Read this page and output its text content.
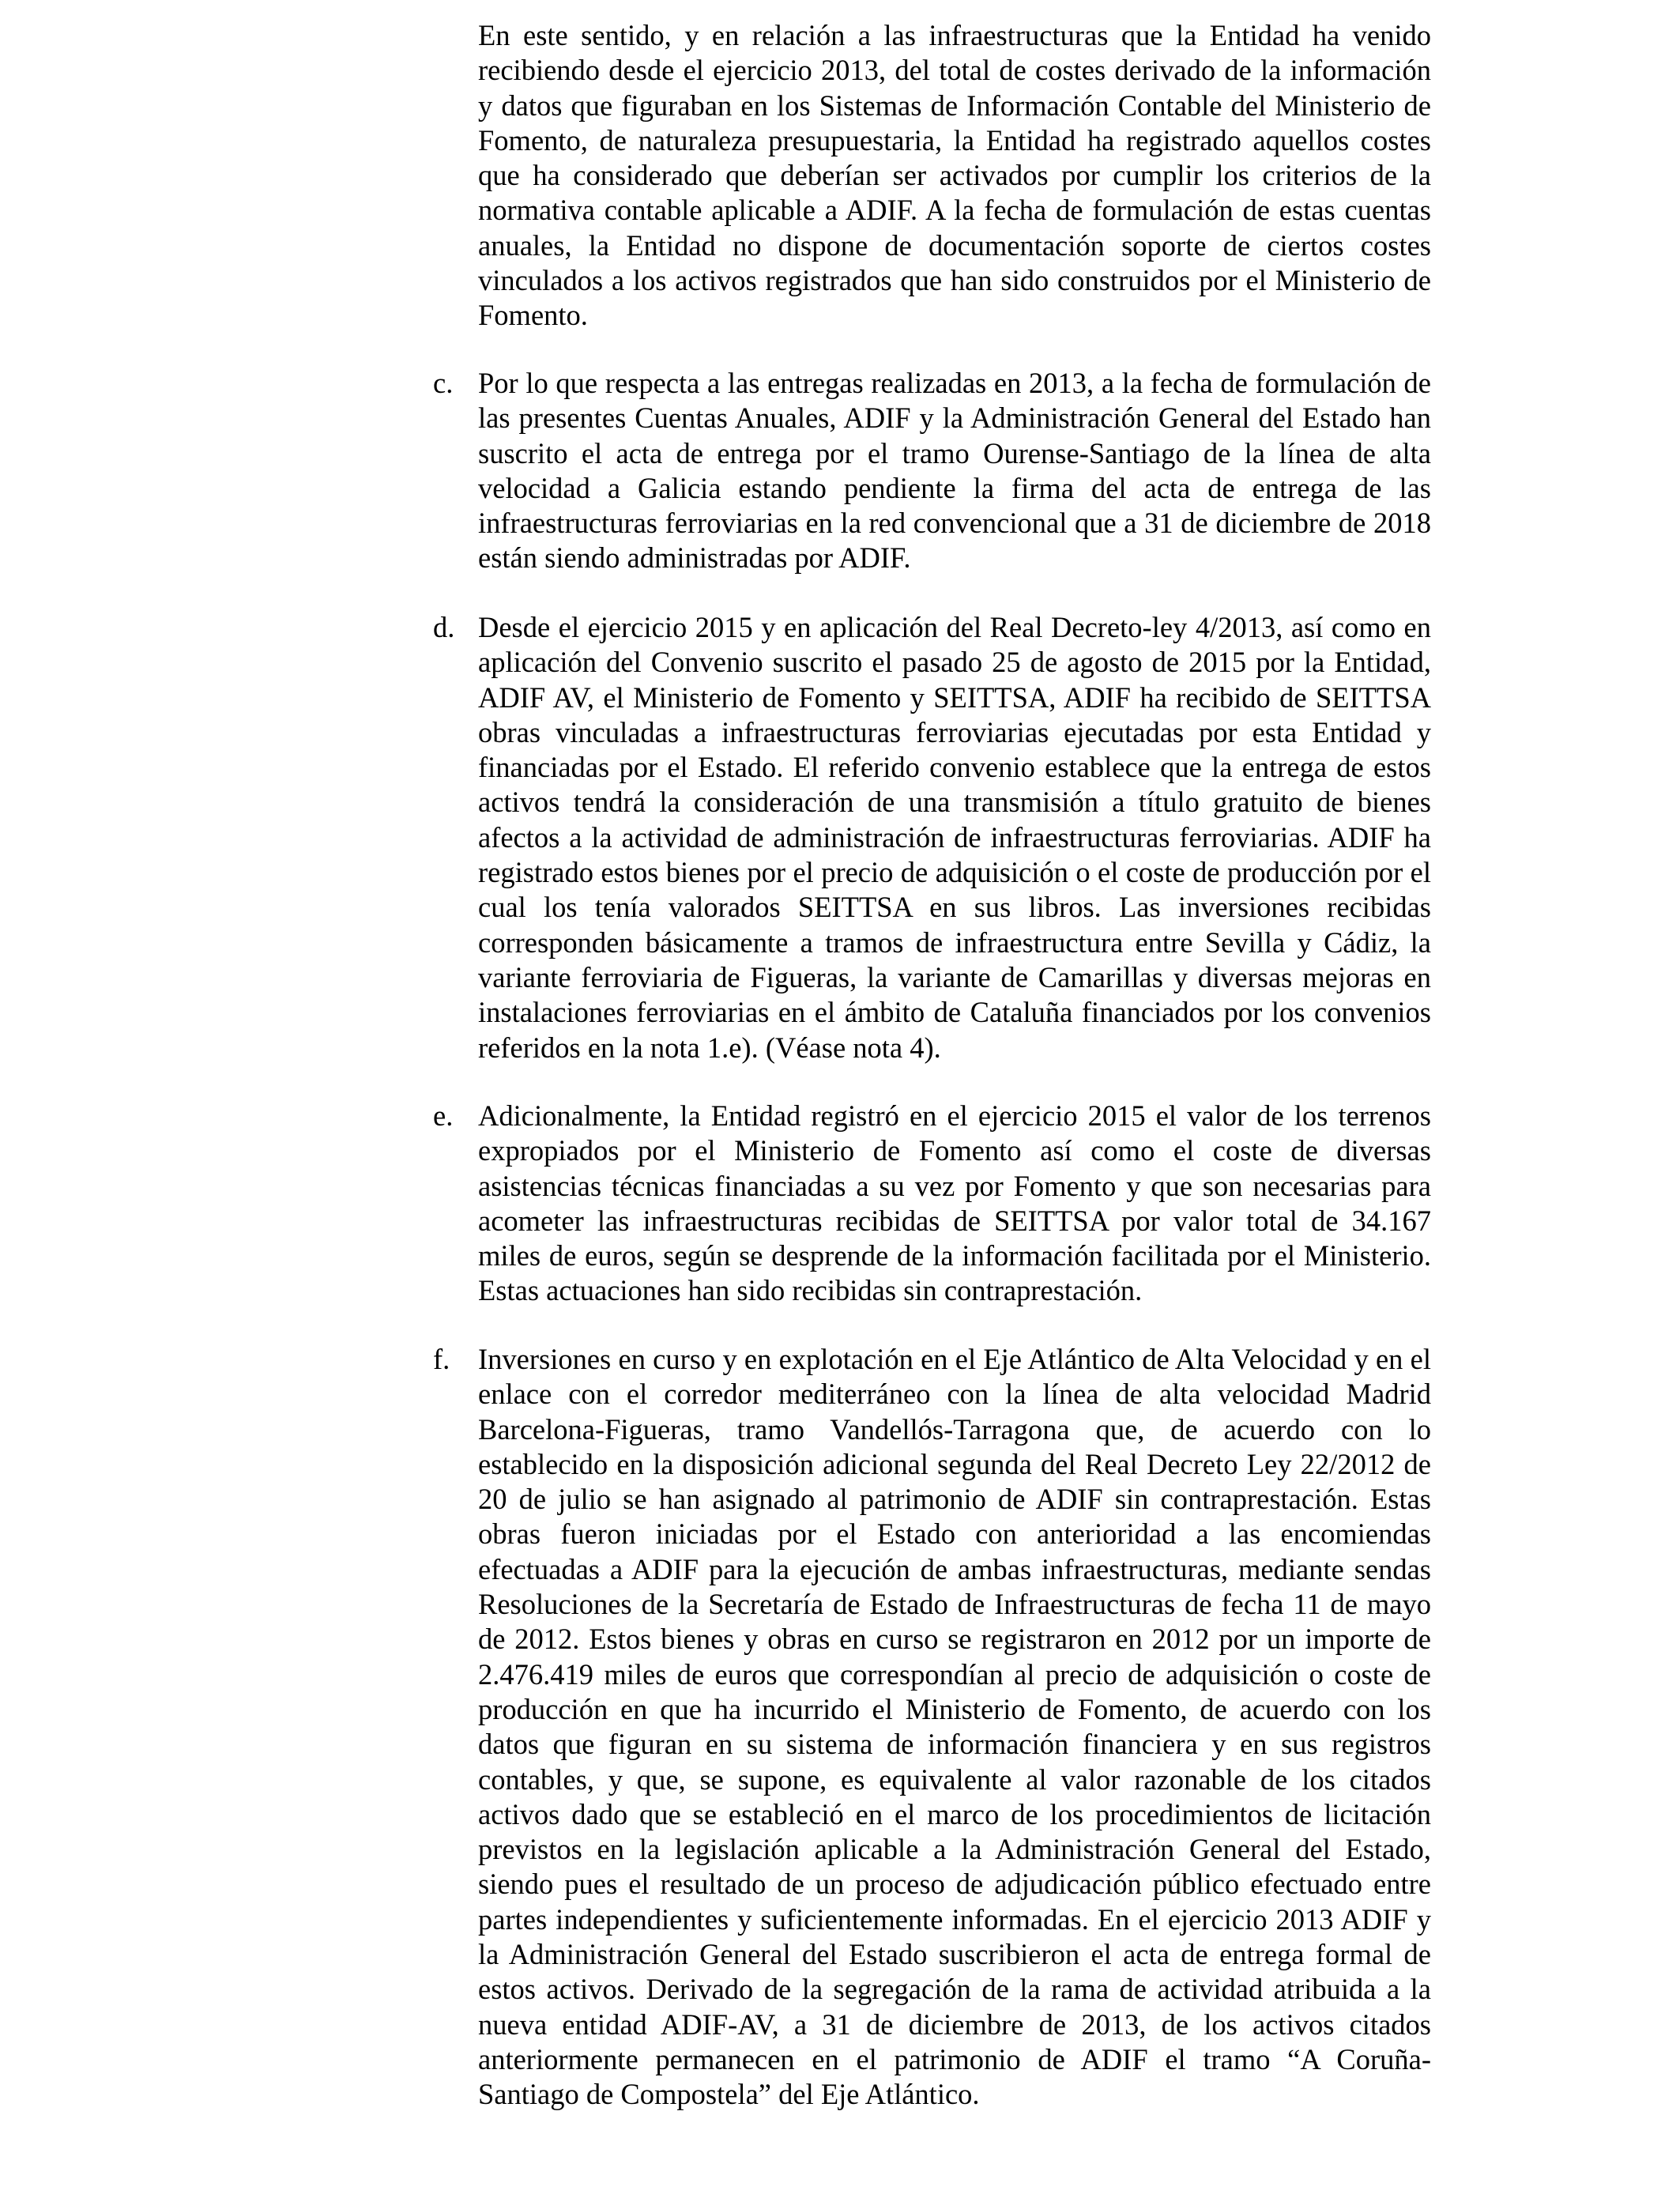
En este sentido, y en relación a las infraestructuras que la Entidad ha venido recibiendo desde el ejercicio 2013, del total de costes derivado de la información y datos que figuraban en los Sistemas de Información Contable del Ministerio de Fomento, de naturaleza presupuestaria, la Entidad ha registrado aquellos costes que ha considerado que deberían ser activados por cumplir los criterios de la normativa contable aplicable a ADIF. A la fecha de formulación de estas cuentas anuales, la Entidad no dispone de documentación soporte de ciertos costes vinculados a los activos registrados que han sido construidos por el Ministerio de Fomento.

c. Por lo que respecta a las entregas realizadas en 2013, a la fecha de formulación de las presentes Cuentas Anuales, ADIF y la Administración General del Estado han suscrito el acta de entrega por el tramo Ourense-Santiago de la línea de alta velocidad a Galicia estando pendiente la firma del acta de entrega de las infraestructuras ferroviarias en la red convencional que a 31 de diciembre de 2018 están siendo administradas por ADIF.

d. Desde el ejercicio 2015 y en aplicación del Real Decreto-ley 4/2013, así como en aplicación del Convenio suscrito el pasado 25 de agosto de 2015 por la Entidad, ADIF AV, el Ministerio de Fomento y SEITTSA, ADIF ha recibido de SEITTSA obras vinculadas a infraestructuras ferroviarias ejecutadas por esta Entidad y financiadas por el Estado. El referido convenio establece que la entrega de estos activos tendrá la consideración de una transmisión a título gratuito de bienes afectos a la actividad de administración de infraestructuras ferroviarias. ADIF ha registrado estos bienes por el precio de adquisición o el coste de producción por el cual los tenía valorados SEITTSA en sus libros. Las inversiones recibidas corresponden básicamente a tramos de infraestructura entre Sevilla y Cádiz, la variante ferroviaria de Figueras, la variante de Camarillas y diversas mejoras en instalaciones ferroviarias en el ámbito de Cataluña financiados por los convenios referidos en la nota 1.e). (Véase nota 4).

e. Adicionalmente, la Entidad registró en el ejercicio 2015 el valor de los terrenos expropiados por el Ministerio de Fomento así como el coste de diversas asistencias técnicas financiadas a su vez por Fomento y que son necesarias para acometer las infraestructuras recibidas de SEITTSA por valor total de 34.167 miles de euros, según se desprende de la información facilitada por el Ministerio. Estas actuaciones han sido recibidas sin contraprestación.

f. Inversiones en curso y en explotación en el Eje Atlántico de Alta Velocidad y en el enlace con el corredor mediterráneo con la línea de alta velocidad Madrid Barcelona-Figueras, tramo Vandellós-Tarragona que, de acuerdo con lo establecido en la disposición adicional segunda del Real Decreto Ley 22/2012 de 20 de julio se han asignado al patrimonio de ADIF sin contraprestación. Estas obras fueron iniciadas por el Estado con anterioridad a las encomiendas efectuadas a ADIF para la ejecución de ambas infraestructuras, mediante sendas Resoluciones de la Secretaría de Estado de Infraestructuras de fecha 11 de mayo de 2012. Estos bienes y obras en curso se registraron en 2012 por un importe de 2.476.419 miles de euros que correspondían al precio de adquisición o coste de producción en que ha incurrido el Ministerio de Fomento, de acuerdo con los datos que figuran en su sistema de información financiera y en sus registros contables, y que, se supone, es equivalente al valor razonable de los citados activos dado que se estableció en el marco de los procedimientos de licitación previstos en la legislación aplicable a la Administración General del Estado, siendo pues el resultado de un proceso de adjudicación público efectuado entre partes independientes y suficientemente informadas. En el ejercicio 2013 ADIF y la Administración General del Estado suscribieron el acta de entrega formal de estos activos. Derivado de la segregación de la rama de actividad atribuida a la nueva entidad ADIF-AV, a 31 de diciembre de 2013, de los activos citados anteriormente permanecen en el patrimonio de ADIF el tramo “A Coruña-Santiago de Compostela” del Eje Atlántico.
